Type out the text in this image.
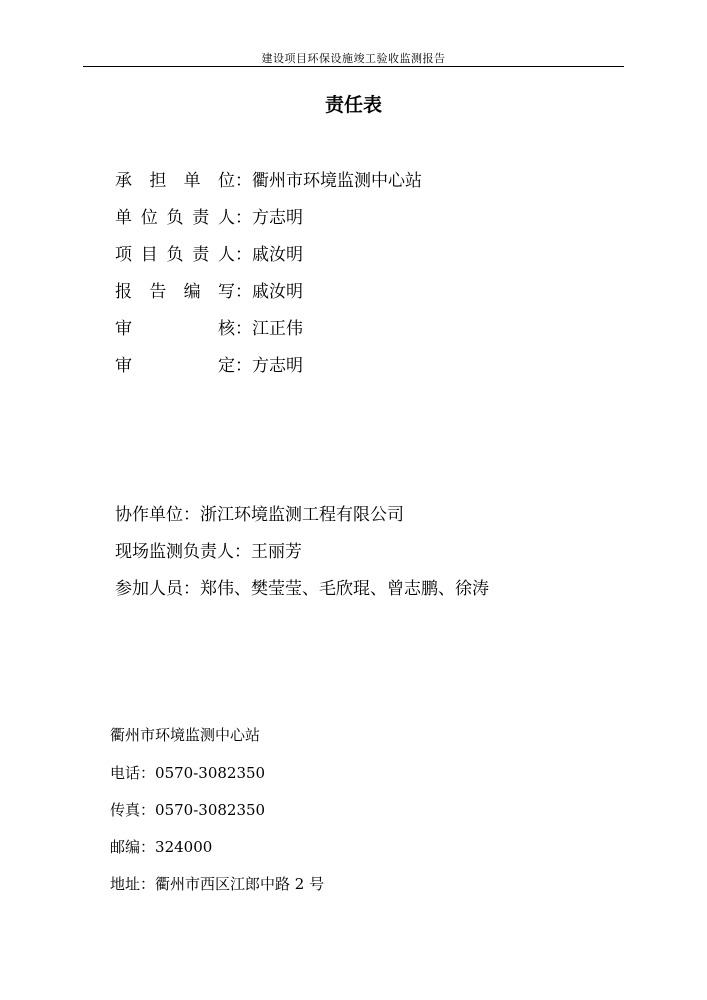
建设项目环保设施竣工验收监测报告
责任表
承担单位 ： 衢州市环境监测中心站
单位负责人 ： 方志明
项目负责人 ： 戚汝明
报告编写 ： 戚汝明
审核 ： 江正伟
审定 ： 方志明
协作单位：浙江环境监测工程有限公司
现场监测负责人：王丽芳
参加人员：郑伟、樊莹莹、毛欣琨、曾志鹏、徐涛
衢州市环境监测中心站
电话：0570-3082350
传真：0570-3082350
邮编：324000
地址：衢州市西区江郎中路 2 号
